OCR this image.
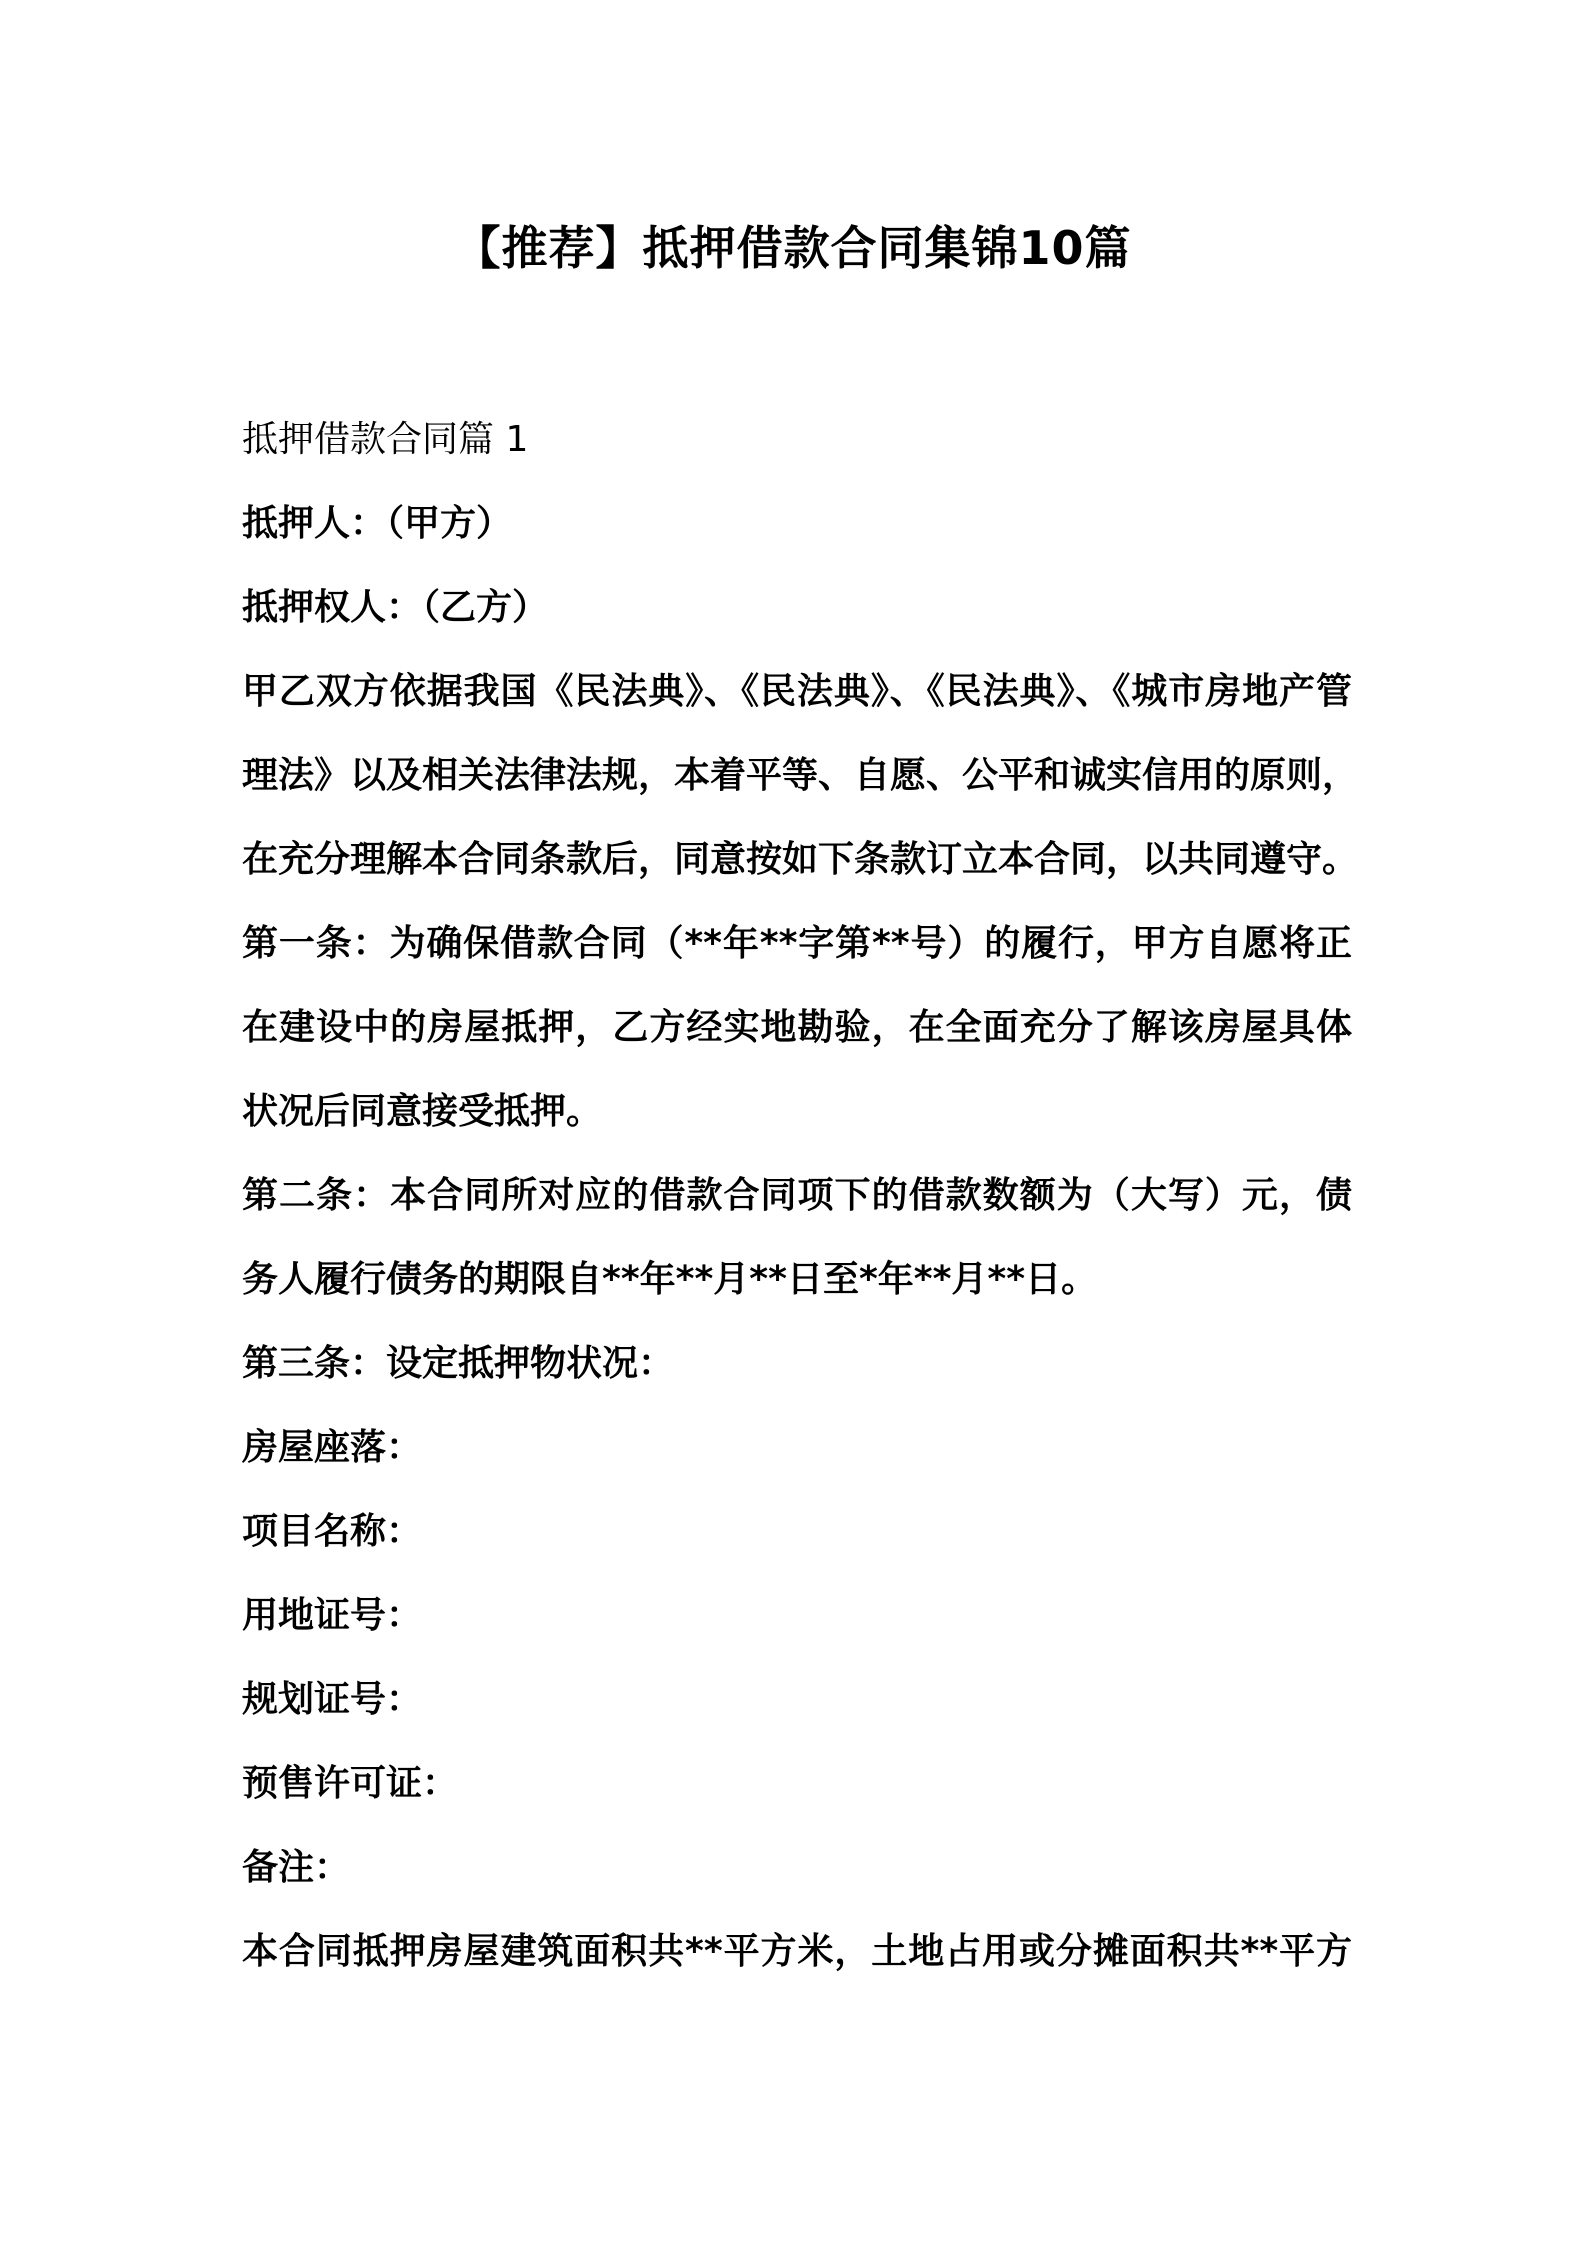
【推荐】抵押借款合同集锦10篇
抵押借款合同篇 1
抵押人：（甲方）
抵押权人：（乙方）
甲乙双方依据我国《民法典》、《民法典》、《民法典》、《城市房地产管
理法》以及相关法律法规，本着平等、自愿、公平和诚实信用的原则，
在充分理解本合同条款后，同意按如下条款订立本合同，以共同遵守。
第一条：为确保借款合同（**年**字第**号）的履行，甲方自愿将正
在建设中的房屋抵押，乙方经实地勘验，在全面充分了解该房屋具体
状况后同意接受抵押。
第二条：本合同所对应的借款合同项下的借款数额为（大写）元，债
务人履行债务的期限自**年**月**日至*年**月**日。
第三条：设定抵押物状况：
房屋座落：
项目名称：
用地证号：
规划证号：
预售许可证：
备注：
本合同抵押房屋建筑面积共**平方米，土地占用或分摊面积共**平方
